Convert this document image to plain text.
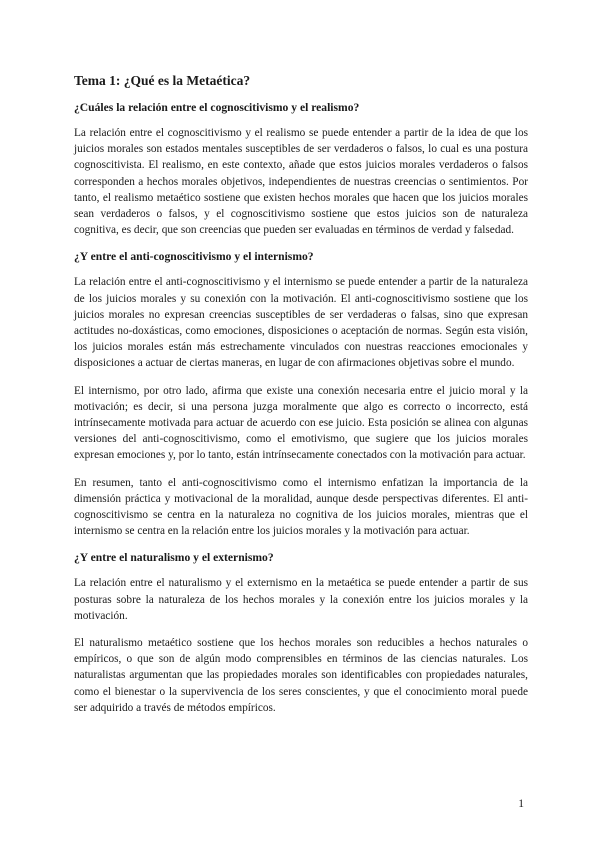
Tema 1: ¿Qué es la Metaética?
¿Cuáles la relación entre el cognoscitivismo y el realismo?

La relación entre el cognoscitivismo y el realismo se puede entender a partir de la idea de que los juicios morales son estados mentales susceptibles de ser verdaderos o falsos, lo cual es una postura cognoscitivista. El realismo, en este contexto, añade que estos juicios morales verdaderos o falsos corresponden a hechos morales objetivos, independientes de nuestras creencias o sentimientos. Por tanto, el realismo metaético sostiene que existen hechos morales que hacen que los juicios morales sean verdaderos o falsos, y el cognoscitivismo sostiene que estos juicios son de naturaleza cognitiva, es decir, que son creencias que pueden ser evaluadas en términos de verdad y falsedad.

¿Y entre el anti-cognoscitivismo y el internismo?

La relación entre el anti-cognoscitivismo y el internismo se puede entender a partir de la naturaleza de los juicios morales y su conexión con la motivación. El anti-cognoscitivismo sostiene que los juicios morales no expresan creencias susceptibles de ser verdaderas o falsas, sino que expresan actitudes no-doxásticas, como emociones, disposiciones o aceptación de normas. Según esta visión, los juicios morales están más estrechamente vinculados con nuestras reacciones emocionales y disposiciones a actuar de ciertas maneras, en lugar de con afirmaciones objetivas sobre el mundo.

El internismo, por otro lado, afirma que existe una conexión necesaria entre el juicio moral y la motivación; es decir, si una persona juzga moralmente que algo es correcto o incorrecto, está intrínsecamente motivada para actuar de acuerdo con ese juicio. Esta posición se alinea con algunas versiones del anti-cognoscitivismo, como el emotivismo, que sugiere que los juicios morales expresan emociones y, por lo tanto, están intrínsecamente conectados con la motivación para actuar.

En resumen, tanto el anti-cognoscitivismo como el internismo enfatizan la importancia de la dimensión práctica y motivacional de la moralidad, aunque desde perspectivas diferentes. El anti-cognoscitivismo se centra en la naturaleza no cognitiva de los juicios morales, mientras que el internismo se centra en la relación entre los juicios morales y la motivación para actuar.

¿Y entre el naturalismo y el externismo?

La relación entre el naturalismo y el externismo en la metaética se puede entender a partir de sus posturas sobre la naturaleza de los hechos morales y la conexión entre los juicios morales y la motivación.

El naturalismo metaético sostiene que los hechos morales son reducibles a hechos naturales o empíricos, o que son de algún modo comprensibles en términos de las ciencias naturales. Los naturalistas argumentan que las propiedades morales son identificables con propiedades naturales, como el bienestar o la supervivencia de los seres conscientes, y que el conocimiento moral puede ser adquirido a través de métodos empíricos.

1
